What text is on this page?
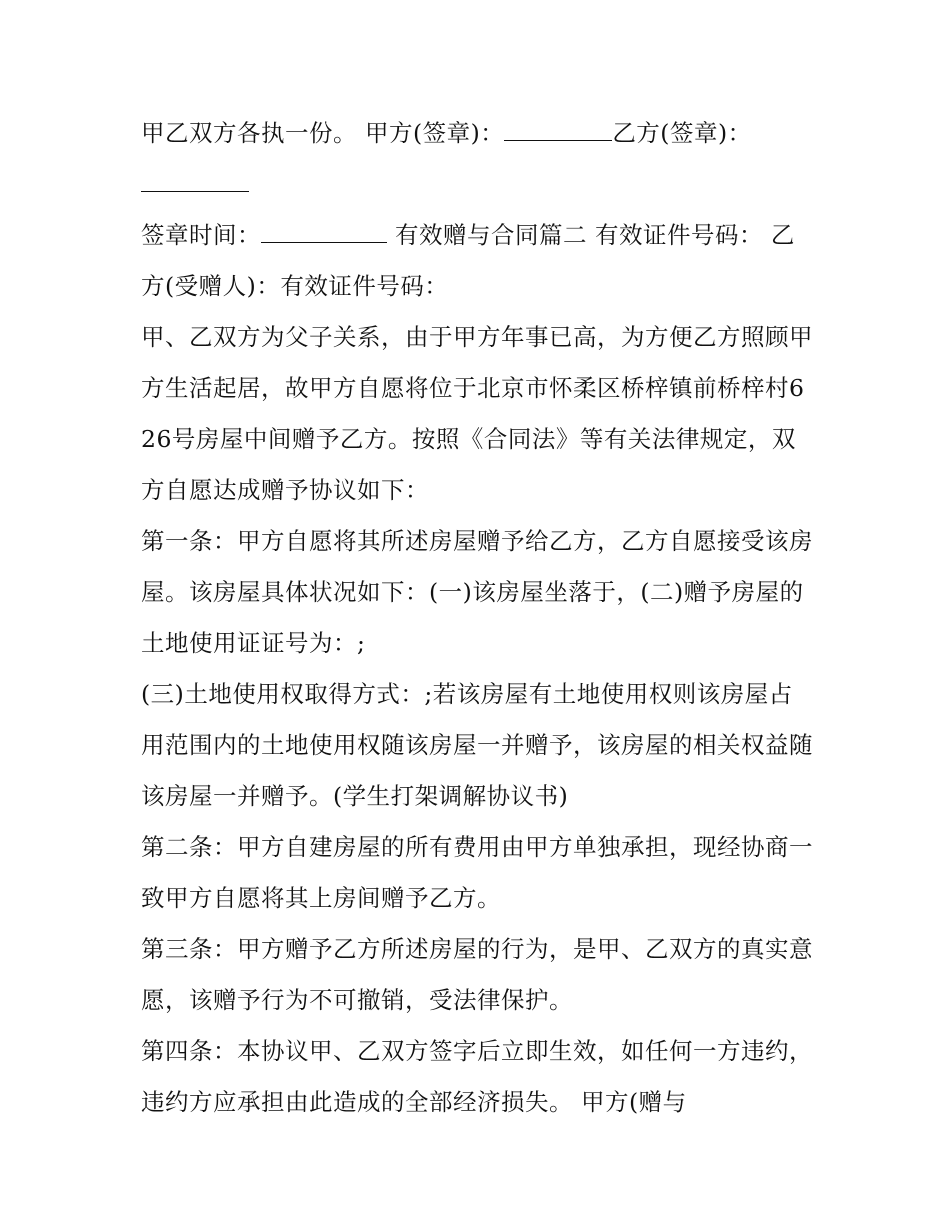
甲乙双方各执一份。 甲方(签章)：	乙方(签章)：

签章时间：	有效赠与合同篇二 有效证件号码： 乙方(受赠人)：有效证件号码：

甲、乙双方为父子关系，由于甲方年事已高，为方便乙方照顾甲方生活起居，故甲方自愿将位于北京市怀柔区桥梓镇前桥梓村626号房屋中间赠予乙方。按照《合同法》等有关法律规定，双方自愿达成赠予协议如下：

第一条：甲方自愿将其所述房屋赠予给乙方，乙方自愿接受该房屋。该房屋具体状况如下：(一)该房屋坐落于，(二)赠予房屋的土地使用证证号为：;

(三)土地使用权取得方式：;若该房屋有土地使用权则该房屋占用范围内的土地使用权随该房屋一并赠予，该房屋的相关权益随该房屋一并赠予。(学生打架调解协议书)

第二条：甲方自建房屋的所有费用由甲方单独承担，现经协商一致甲方自愿将其上房间赠予乙方。

第三条：甲方赠予乙方所述房屋的行为，是甲、乙双方的真实意愿，该赠予行为不可撤销，受法律保护。

第四条：本协议甲、乙双方签字后立即生效，如任何一方违约，违约方应承担由此造成的全部经济损失。 甲方(赠与
